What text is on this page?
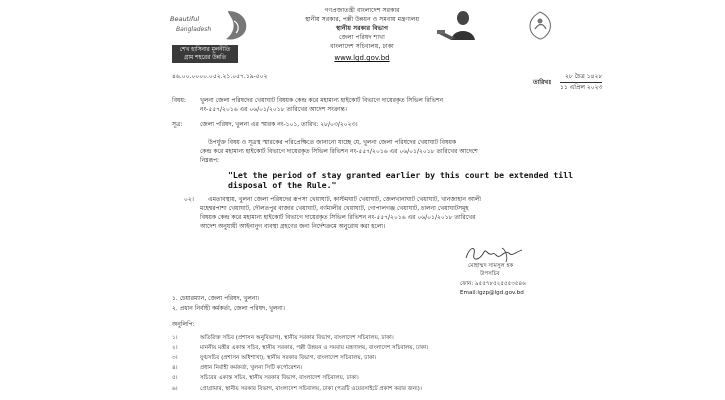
Beautiful
Bangladesh
শেখ হাসিনার মূলনীতি
গ্রাম শহরের উন্নতি
গণপ্রজাতন্ত্রী বাংলাদেশ সরকার
স্থানীয় সরকার, পল্লী উন্নয়ন ও সমবায় মন্ত্রণালয়
স্থানীয় সরকার বিভাগ
জেলা পরিষদ শাখা
বাংলাদেশ সচিবালয়, ঢাকা
www.lgd.gov.bd
৪৬.০০.০০০০.০৫২.২১.০৫৭.১৯-৫০২	২৮ চৈত্র ১৪২৮
তারিখঃ
১১ এপ্রিল ২০২৩
বিষয়: খুলনা জেলা পরিষদের খেয়াঘাট বিষয়ক কেন্দ্র করে মহামান্য হাইকোর্ট বিভাগে দায়েরকৃত সিভিল রিভিশন
নং-৫৫৭/২০১৬ এর ০৬/০১/২০১৮ তারিখের আদেশ সংক্রান্ত।
সূত্র:	জেলা পরিষদ, খুলনা এর স্মারক নং-১০১, তারিখ: ২৮/০৩/২০২৩।
উপর্যুক্ত বিষয় ও সূত্রস্থ স্মারকের পরিপ্রেক্ষিতে জানানো যাচ্ছে যে, খুলনা জেলা পরিষদের খেয়াঘাট বিষয়ক
কেন্দ্র করে মহামান্য হাইকোর্ট বিভাগে দায়েরকৃত সিভিল রিভিশন নং-৫৫৭/২০১৬ এর ০৬/০১/২০১৮ তারিখের আদেশে
নিম্নরূপ:
"Let the period of stay granted earlier by this court be extended till
disposal of the Rule."
০২। এমতাবস্থায়, খুলনা জেলা পরিষদের রূপসা খেয়াঘাট, কাস্টমঘাট খেয়াঘাট, জেলখানাঘাট খেয়াঘাট, খানজাহান আলী
মহেশ্বরপাশা খেয়াঘাট, দৌলতপুর বাজার খেয়াঘাট, বর্ণমালীর খেয়াঘাট, গোপালগঞ্জ খেয়াঘাট, চালনা খেয়াঘাটসমূহ
বিষয়ক কেন্দ্র করে মহামান্য হাইকোর্ট বিভাগে দায়েরকৃত সিভিল রিভিশন নং-৫৫৭/২০১৬ এর ০৬/০১/২০১৮ তারিখের
আদেশ অনুযায়ী আইনানুগ ব্যবস্থা গ্রহণের জন্য নির্দেশক্রমে অনুরোধ করা হলো।
মোহাম্মদ সামসুল হক
উপসচিব
ফোন: ৯৫৫৭৮৫২৫৫৫৩৫৪৬
Email:lgzp@lgd.gov.bd
১. চেয়ারম্যান, জেলা পরিষদ, খুলনা।
২. প্রধান নির্বাহী কর্মকর্তা, জেলা পরিষদ, খুলনা।
অনুলিপি:
১।	অতিরিক্ত সচিব (প্রশাসন অনুবিভাগ), স্থানীয় সরকার বিভাগ, বাংলাদেশ সচিবালয়, ঢাকা।
২।	মাননীয় মন্ত্রীর একান্ত সচিব, স্থানীয় সরকার, পল্লী উন্নয়ন ও সমবায় মন্ত্রণালয়, বাংলাদেশ সচিবালয়, ঢাকা।
৩।	যুগ্মসচিব (প্রশাসন অধিশাখা), স্থানীয় সরকার বিভাগ, বাংলাদেশ সচিবালয়, ঢাকা।
৪।	প্রধান নির্বাহী কর্মকর্তা, খুলনা সিটি কর্পোরেশন।
৫।	সচিবের একান্ত সচিব, স্থানীয় সরকার বিভাগ, বাংলাদেশ সচিবালয়, ঢাকা।
৬।	প্রোগ্রামার, স্থানীয় সরকার বিভাগ, বাংলাদেশ সচিবালয়, ঢাকা (পত্রটি ওয়েবসাইটে প্রকাশ করার জন্য)।
